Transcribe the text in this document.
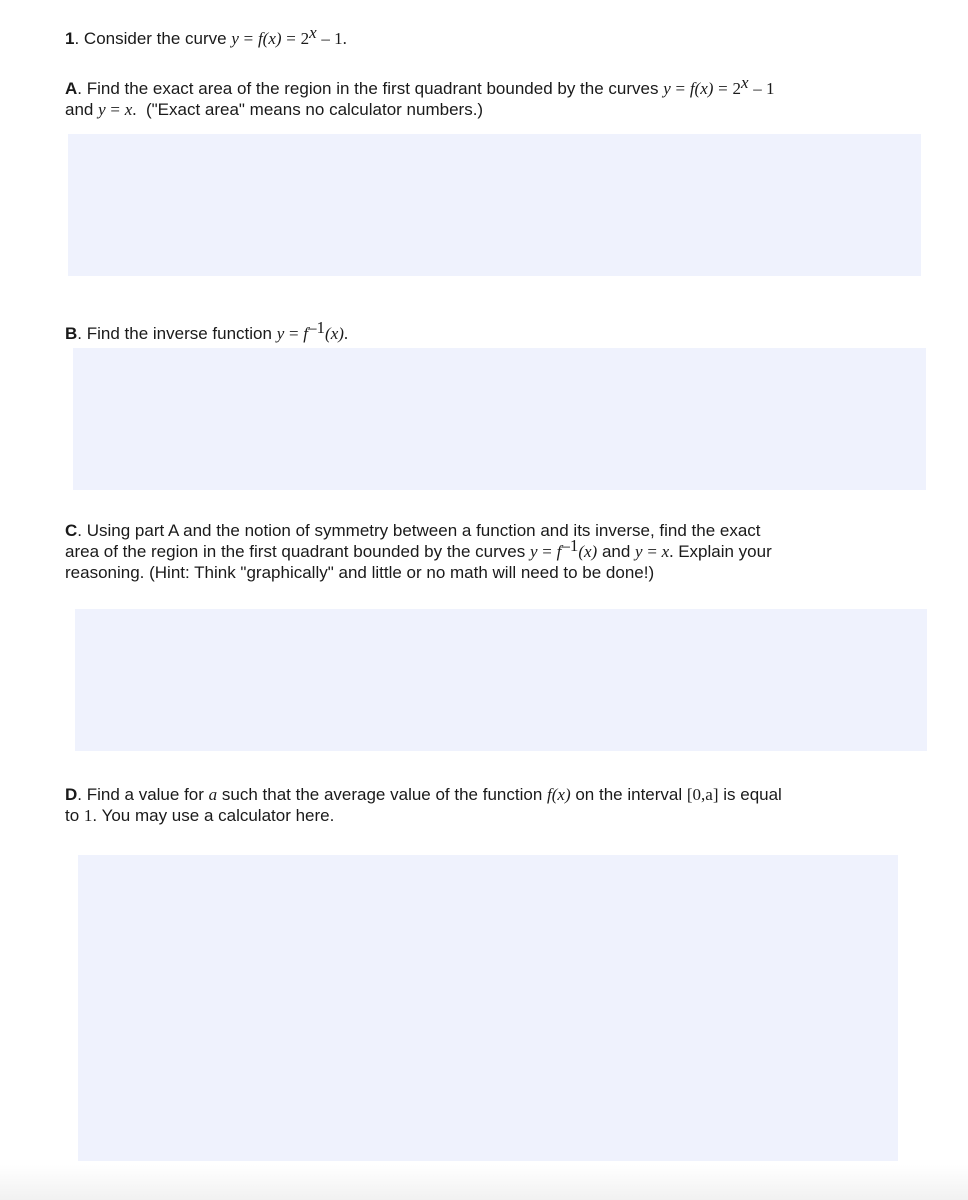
1. Consider the curve $y = f(x) = 2^x - 1$.

A. Find the exact area of the region in the first quadrant bounded by the curves $y = f(x) = 2^x - 1$
and y = x. ("Exact area" means no calculator numbers.)

B. Find the inverse function $y = f^{-1}(x)$.

C. Using part A and the notion of symmetry between a function and its inverse, find the exact
area of the region in the first quadrant bounded by the curves $y = f^{-1}(x)$ and y = x. Explain your
reasoning. (Hint: Think "graphically" and little or no math will need to be done!)

D. Find a value for a such that the average value of the function f(x) on the interval [0,a] is equal
to 1. You may use a calculator here.
